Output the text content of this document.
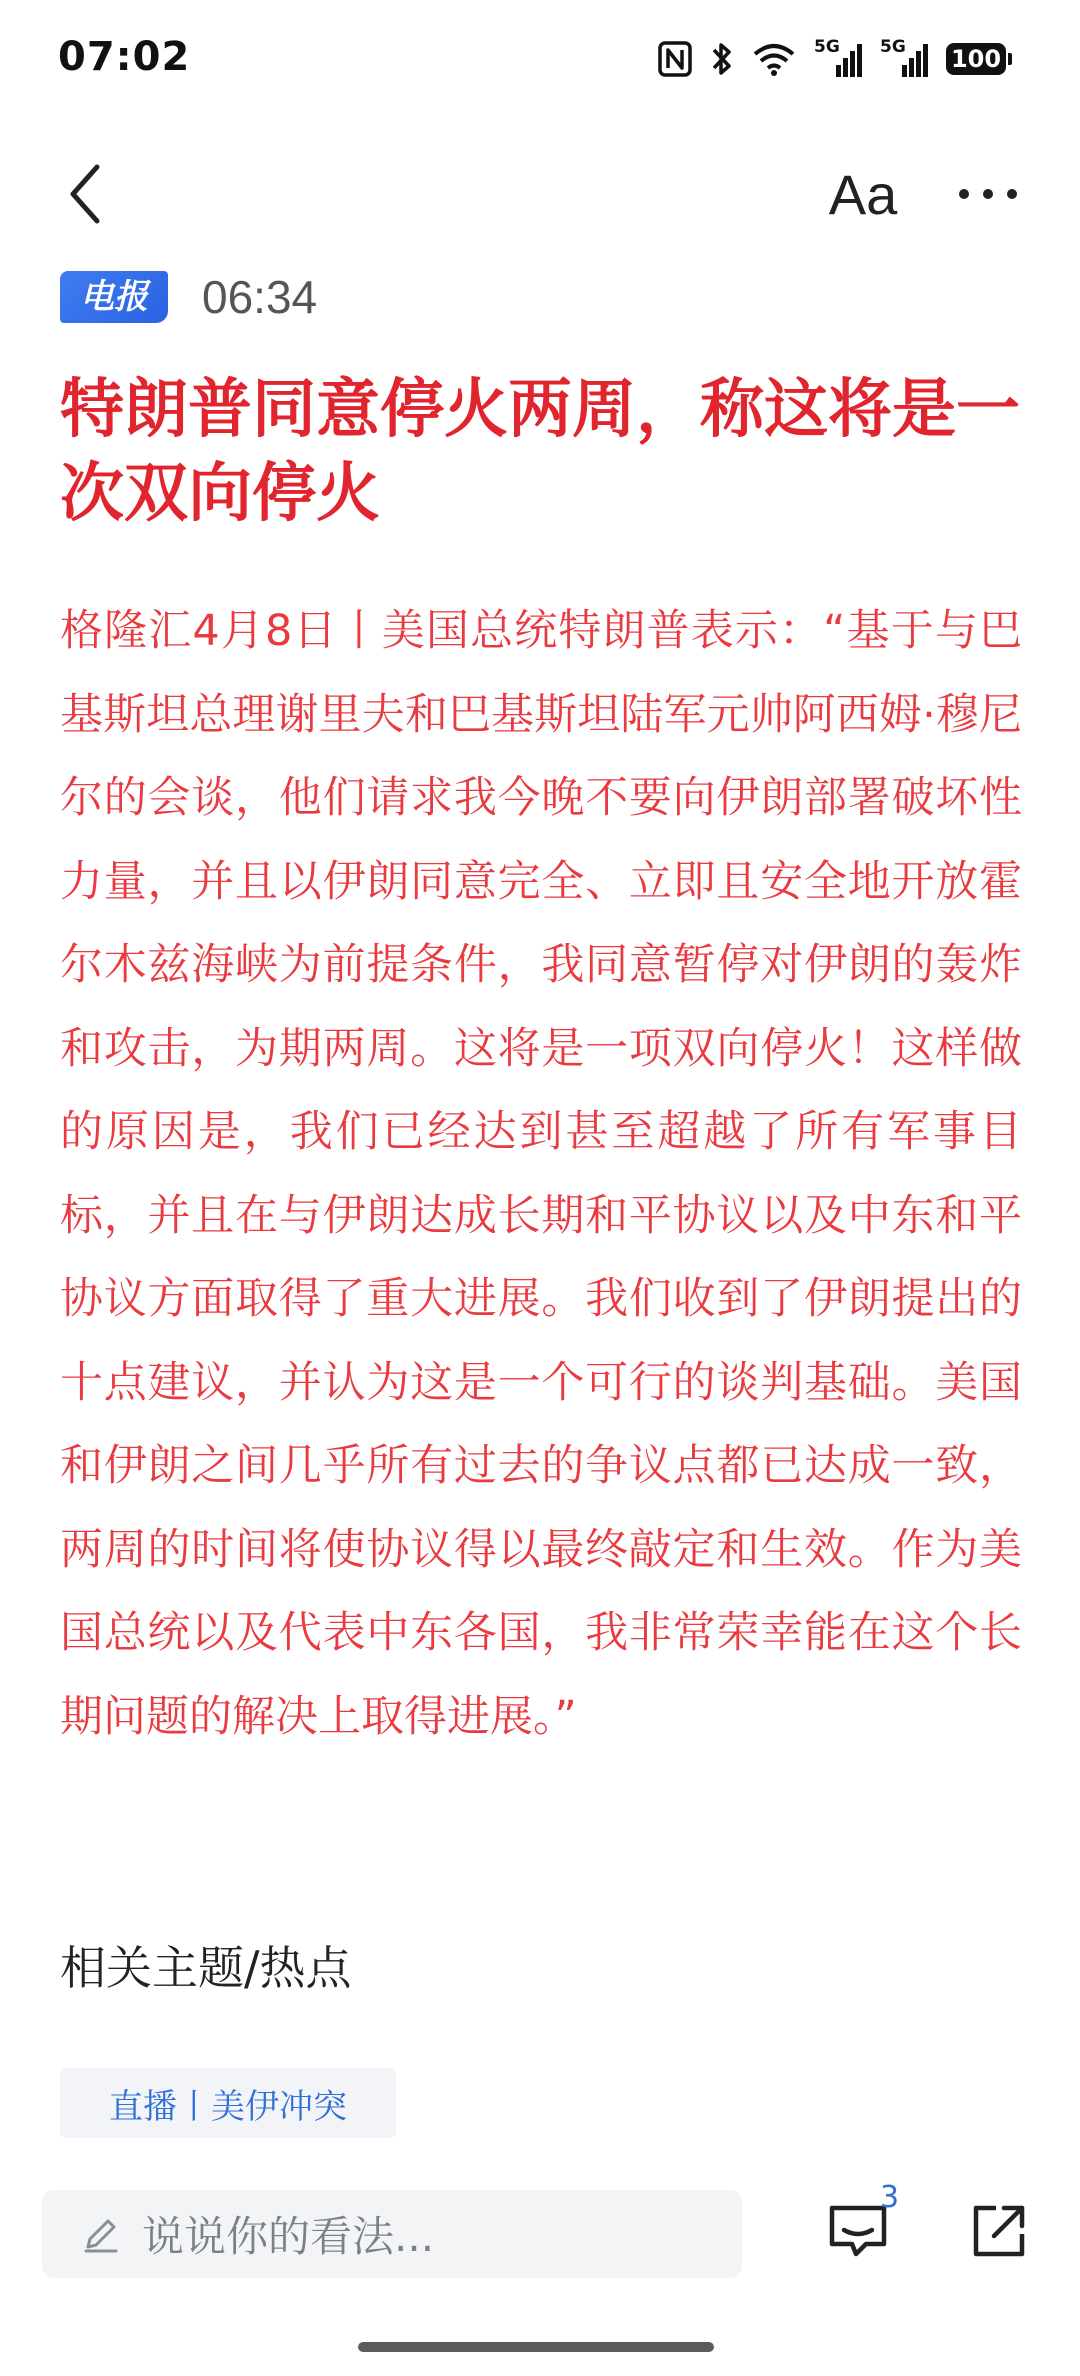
07:02	5G 5G 100
Aa
电报	06:34
特朗普同意停火两周，称这将是一次双向停火

格隆汇4月8日丨美国总统特朗普表示：“基于与巴基斯坦总理谢里夫和巴基斯坦陆军元帅阿西姆·穆尼尔的会谈，他们请求我今晚不要向伊朗部署破坏性力量，并且以伊朗同意完全、立即且安全地开放霍尔木兹海峡为前提条件，我同意暂停对伊朗的轰炸和攻击，为期两周。这将是一项双向停火！这样做的原因是，我们已经达到甚至超越了所有军事目标，并且在与伊朗达成长期和平协议以及中东和平协议方面取得了重大进展。我们收到了伊朗提出的十点建议，并认为这是一个可行的谈判基础。美国和伊朗之间几乎所有过去的争议点都已达成一致，两周的时间将使协议得以最终敲定和生效。作为美国总统以及代表中东各国，我非常荣幸能在这个长期问题的解决上取得进展。”

相关主题/热点
直播丨美伊冲突
说说你的看法...
3
